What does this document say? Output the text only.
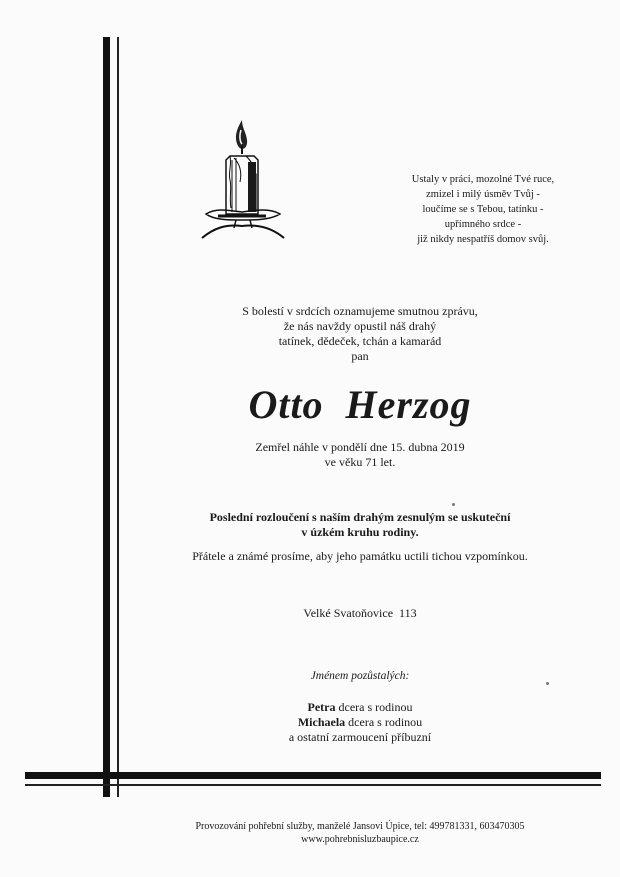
Ustaly v práci, mozolné Tvé ruce,
zmizel i milý úsměv Tvůj -
loučíme se s Tebou, tatínku -
upřímného srdce -
již nikdy nespatříš domov svůj.
S bolestí v srdcích oznamujeme smutnou zprávu,
že nás navždy opustil náš drahý
tatínek, dědeček, tchán a kamarád
pan
Otto  Herzog
Zemřel náhle v pondělí dne 15. dubna 2019
ve věku 71 let.
Poslední rozloučení s naším drahým zesnulým se uskuteční
v úzkém kruhu rodiny.
Přátele a známé prosíme, aby jeho památku uctili tichou vzpomínkou.
Velké Svatoňovice  113
Jménem pozůstalých:
Petra dcera s rodinou
Michaela dcera s rodinou
a ostatní zarmoucení příbuzní
Provozování pohřební služby, manželé Jansovi Úpice, tel: 499781331, 603470305
www.pohrebnisluzbaupice.cz
